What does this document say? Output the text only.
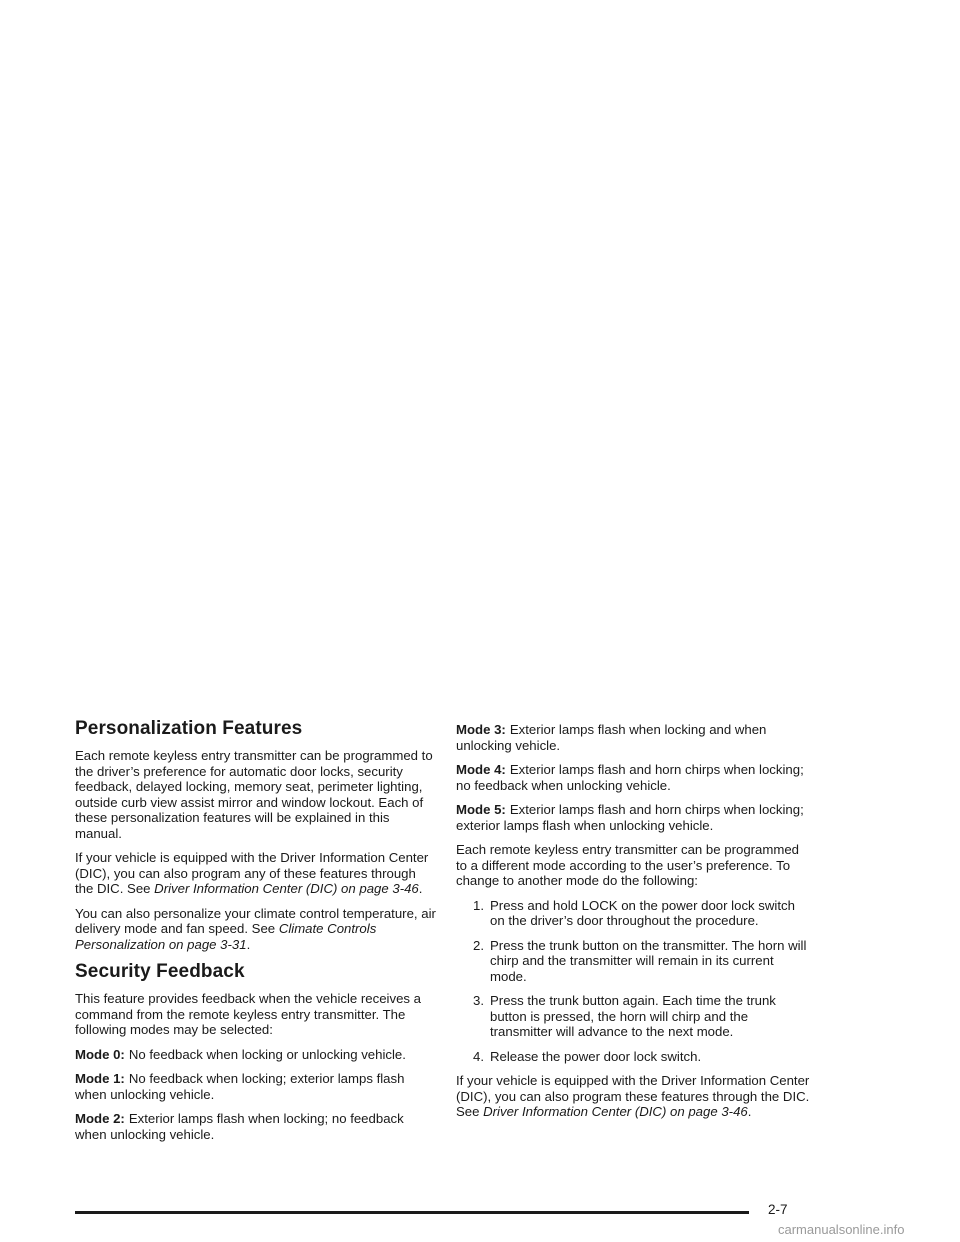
Personalization Features

Each remote keyless entry transmitter can be programmed to the driver’s preference for automatic door locks, security feedback, delayed locking, memory seat, perimeter lighting, outside curb view assist mirror and window lockout. Each of these personalization features will be explained in this manual.

If your vehicle is equipped with the Driver Information Center (DIC), you can also program any of these features through the DIC. See Driver Information Center (DIC) on page 3-46.

You can also personalize your climate control temperature, air delivery mode and fan speed. See Climate Controls Personalization on page 3-31.

Security Feedback

This feature provides feedback when the vehicle receives a command from the remote keyless entry transmitter. The following modes may be selected:

Mode 0: No feedback when locking or unlocking vehicle.

Mode 1: No feedback when locking; exterior lamps flash when unlocking vehicle.

Mode 2: Exterior lamps flash when locking; no feedback when unlocking vehicle.

Mode 3: Exterior lamps flash when locking and when unlocking vehicle.

Mode 4: Exterior lamps flash and horn chirps when locking; no feedback when unlocking vehicle.

Mode 5: Exterior lamps flash and horn chirps when locking; exterior lamps flash when unlocking vehicle.

Each remote keyless entry transmitter can be programmed to a different mode according to the user’s preference. To change to another mode do the following:

1. Press and hold LOCK on the power door lock switch on the driver’s door throughout the procedure.
2. Press the trunk button on the transmitter. The horn will chirp and the transmitter will remain in its current mode.
3. Press the trunk button again. Each time the trunk button is pressed, the horn will chirp and the transmitter will advance to the next mode.
4. Release the power door lock switch.

If your vehicle is equipped with the Driver Information Center (DIC), you can also program these features through the DIC. See Driver Information Center (DIC) on page 3-46.

2-7
carmanualsonline.info
